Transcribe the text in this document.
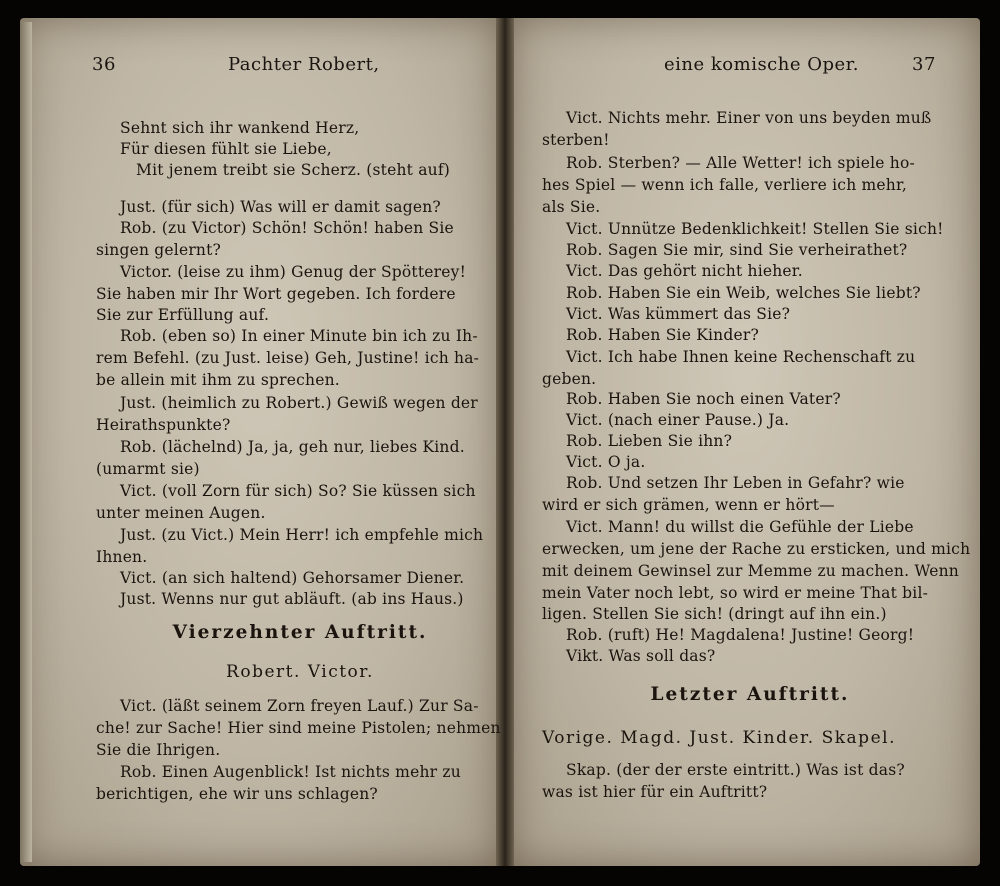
36	Pachter Robert,
Sehnt sich ihr wankend Herz,
Für diesen fühlt sie Liebe,
Mit jenem treibt sie Scherz. (steht auf)
Just. (für sich) Was will er damit sagen?
Rob. (zu Victor) Schön! Schön! haben Sie
singen gelernt?
Victor. (leise zu ihm) Genug der Spötterey!
Sie haben mir Ihr Wort gegeben. Ich fordere
Sie zur Erfüllung auf.
Rob. (eben so) In einer Minute bin ich zu Ih-
rem Befehl. (zu Just. leise) Geh, Justine! ich ha-
be allein mit ihm zu sprechen.
Just. (heimlich zu Robert.) Gewiß wegen der
Heirathspunkte?
Rob. (lächelnd) Ja, ja, geh nur, liebes Kind.
(umarmt sie)
Vict. (voll Zorn für sich) So? Sie küssen sich
unter meinen Augen.
Just. (zu Vict.) Mein Herr! ich empfehle mich
Ihnen.
Vict. (an sich haltend) Gehorsamer Diener.
Just. Wenns nur gut abläuft. (ab ins Haus.)
Vierzehnter Auftritt.
Robert. Victor.
Vict. (läßt seinem Zorn freyen Lauf.) Zur Sa-
che! zur Sache! Hier sind meine Pistolen; nehmen
Sie die Ihrigen.
Rob. Einen Augenblick! Ist nichts mehr zu
berichtigen, ehe wir uns schlagen?
eine komische Oper.	37
Vict. Nichts mehr. Einer von uns beyden muß
sterben!
Rob. Sterben? — Alle Wetter! ich spiele ho-
hes Spiel — wenn ich falle, verliere ich mehr,
als Sie.
Vict. Unnütze Bedenklichkeit! Stellen Sie sich!
Rob. Sagen Sie mir, sind Sie verheirathet?
Vict. Das gehört nicht hieher.
Rob. Haben Sie ein Weib, welches Sie liebt?
Vict. Was kümmert das Sie?
Rob. Haben Sie Kinder?
Vict. Ich habe Ihnen keine Rechenschaft zu
geben.
Rob. Haben Sie noch einen Vater?
Vict. (nach einer Pause.) Ja.
Rob. Lieben Sie ihn?
Vict. O ja.
Rob. Und setzen Ihr Leben in Gefahr? wie
wird er sich grämen, wenn er hört—
Vict. Mann! du willst die Gefühle der Liebe
erwecken, um jene der Rache zu ersticken, und mich
mit deinem Gewinsel zur Memme zu machen. Wenn
mein Vater noch lebt, so wird er meine That bil-
ligen. Stellen Sie sich! (dringt auf ihn ein.)
Rob. (ruft) He! Magdalena! Justine! Georg!
Vikt. Was soll das?
Letzter Auftritt.
Vorige. Magd. Just. Kinder. Skapel.
Skap. (der der erste eintritt.) Was ist das?
was ist hier für ein Auftritt?
